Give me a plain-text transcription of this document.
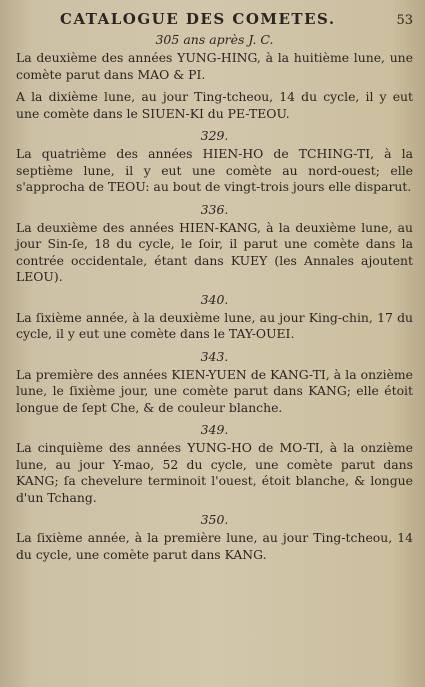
CATALOGUE DES COMETES.	53
305 ans après J. C.

La deuxième des années YUNG-HING, à la huitième lune, une comète parut dans MAO & PI.

A la dixième lune, au jour Ting-tcheou, 14 du cycle, il y eut une comète dans le SIUEN-KI du PE-TEOU.

329.

La quatrième des années HIEN-HO de TCHING-TI, à la septième lune, il y eut une comète au nord-ouest; elle s'approcha de TEOU: au bout de vingt-trois jours elle disparut.

336.

La deuxième des années HIEN-KANG, à la deuxième lune, au jour Sin-ſe, 18 du cycle, le ſoir, il parut une comète dans la contrée occidentale, étant dans KUEY (les Annales ajoutent LEOU).

340.

La ſixième année, à la deuxième lune, au jour King-chin, 17 du cycle, il y eut une comète dans le TAY-OUEI.

343.

La première des années KIEN-YUEN de KANG-TI, à la onzième lune, le ſixième jour, une comète parut dans KANG; elle étoit longue de ſept Che, & de couleur blanche.

349.

La cinquième des années YUNG-HO de MO-TI, à la onzième lune, au jour Y-mao, 52 du cycle, une comète parut dans KANG; ſa chevelure terminoit l'ouest, étoit blanche, & longue d'un Tchang.

350.

La ſixième année, à la première lune, au jour Ting-tcheou, 14 du cycle, une comète parut dans KANG.
